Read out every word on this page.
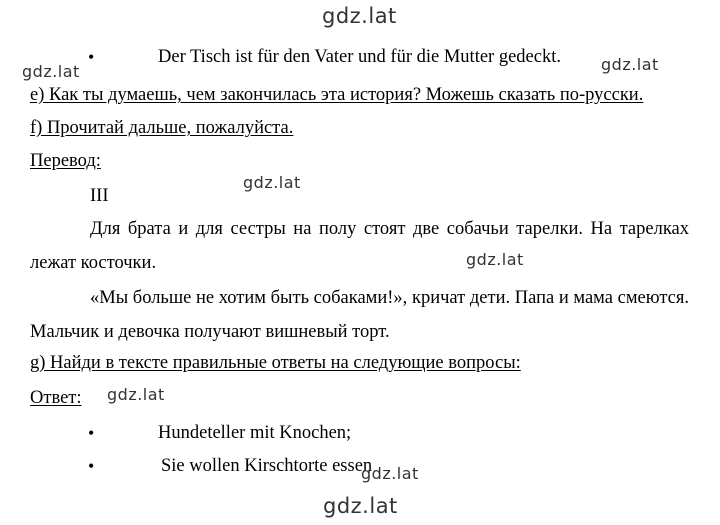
gdz.lat
•	Der Tisch ist für den Vater und für die Mutter gedeckt.	gdz.lat
gdz.lat
e) Как ты думаешь, чем закончилась эта история? Можешь сказать по-русски.
f) Прочитай дальше, пожалуйста.
Перевод:
gdz.lat
III
Для брата и для сестры на полу стоят две собачьи тарелки. На тарелках лежат косточки.	gdz.lat
«Мы больше не хотим быть собаками!», кричат дети. Папа и мама смеются. Мальчик и девочка получают вишневый торт.
g) Найди в тексте правильные ответы на следующие вопросы:
Ответ:	gdz.lat
•	Hundeteller mit Knochen;
•	Sie wollen Kirschtorte essen
gdz.lat
gdz.lat
